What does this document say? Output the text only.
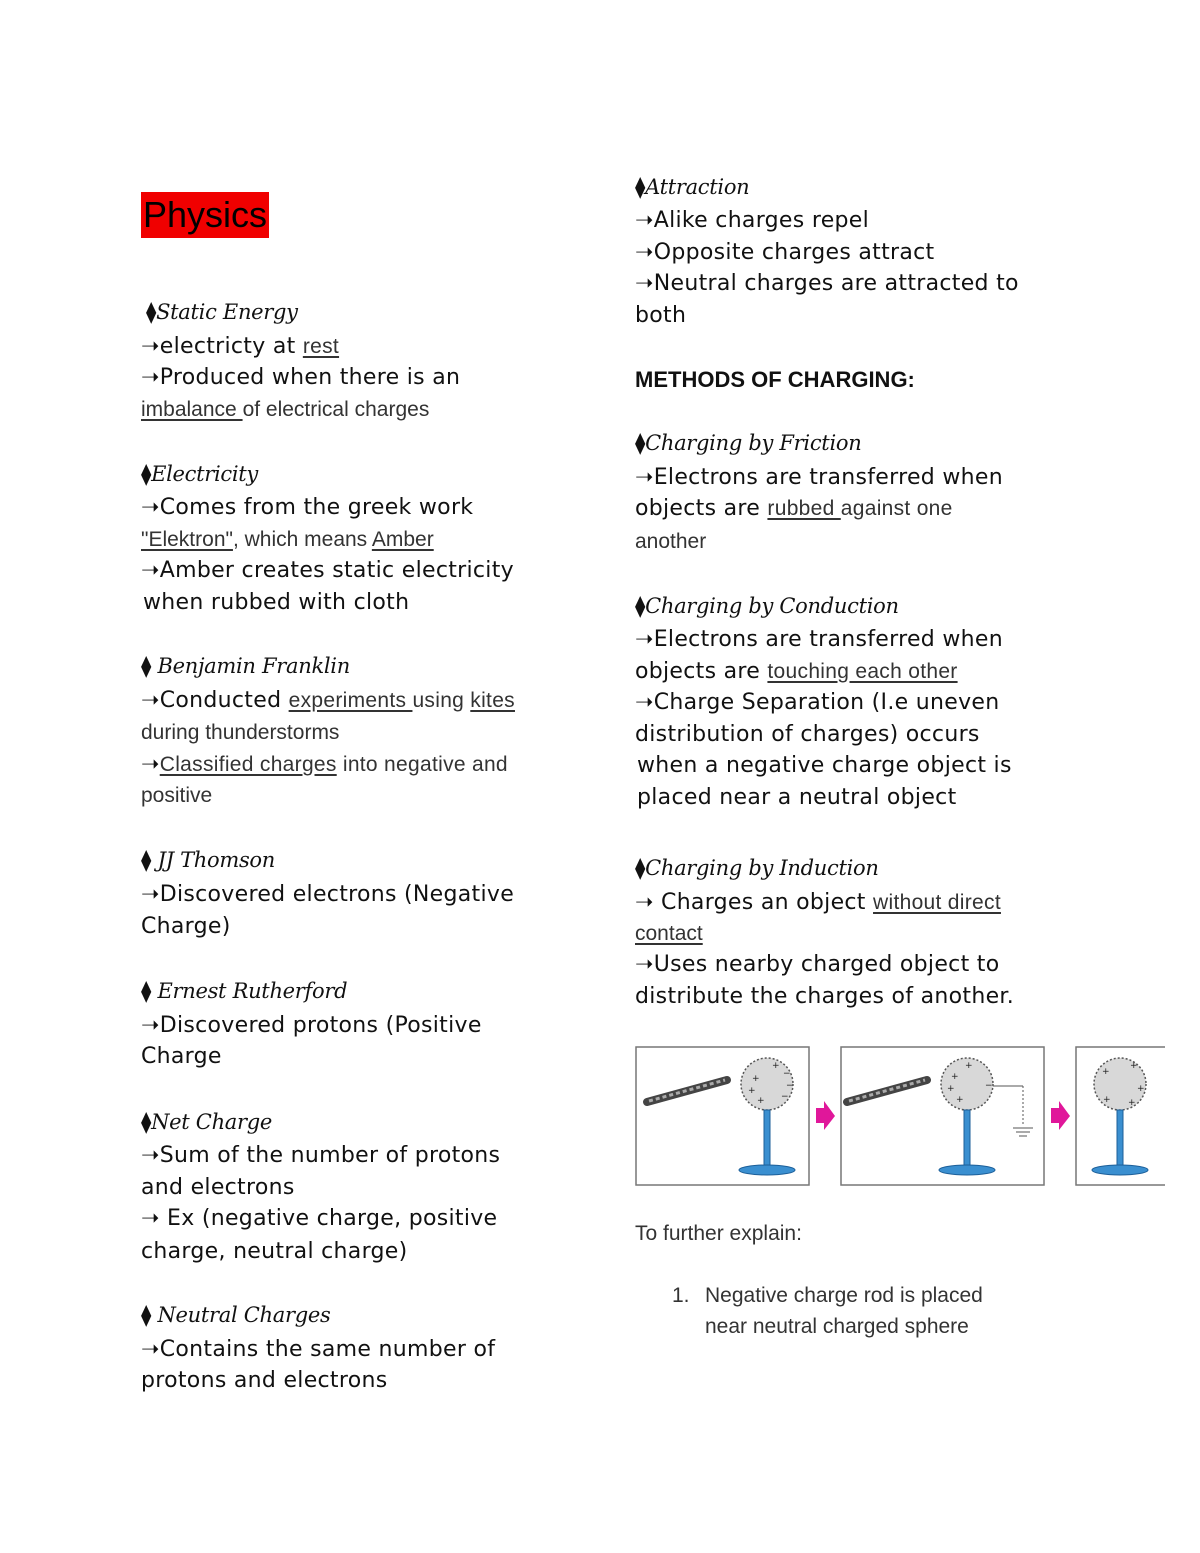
Physics
⧫Static Energy
➝electricty at rest
➝Produced when there is an
imbalance of electrical charges
⧫Electricity
➝Comes from the greek work
"Elektron", which means Amber
➝Amber creates static electricity
when rubbed with cloth
⧫ Benjamin Franklin
➝Conducted experiments using kites
during thunderstorms
➝Classified charges into negative and
positive
⧫ JJ Thomson
➝Discovered electrons (Negative
Charge)
⧫ Ernest Rutherford
➝Discovered protons (Positive
Charge
⧫Net Charge
➝Sum of the number of protons
and electrons
➝ Ex (negative charge, positive
charge, neutral charge)
⧫ Neutral Charges
➝Contains the same number of
protons and electrons
⧫Attraction
➝Alike charges repel
➝Opposite charges attract
➝Neutral charges are attracted to
both
METHODS OF CHARGING:
⧫Charging by Friction
➝Electrons are transferred when
objects are rubbed against one
another
⧫Charging by Conduction
➝Electrons are transferred when
objects are touching each other
➝Charge Separation (I.e uneven
distribution of charges) occurs
when a negative charge object is
placed near a neutral object
⧫Charging by Induction
➝ Charges an object without direct
contact
➝Uses nearby charged object to
distribute the charges of another.
+
+
+
+
−
−
−
+
+
+
+
−
+
+
+
+ +
To further explain:
1. Negative charge rod is placed
near neutral charged sphere
